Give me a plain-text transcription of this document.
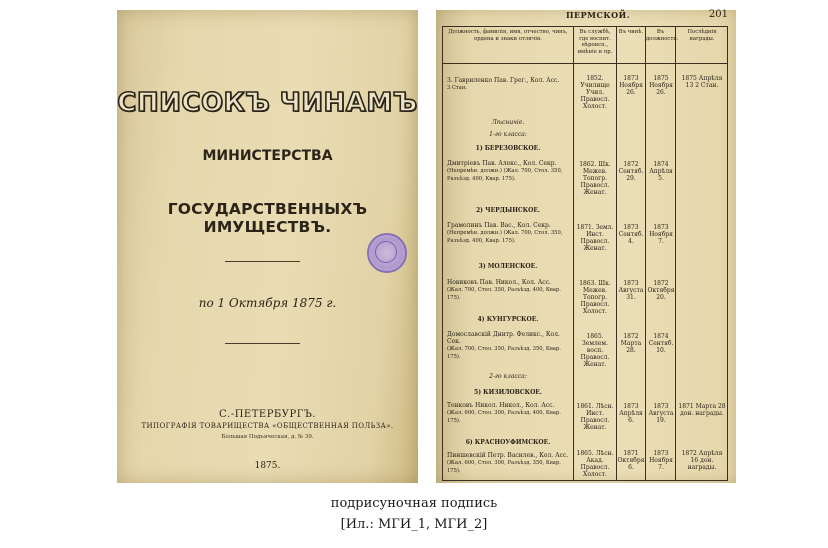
СПИСОКЪ ЧИНАМЪ
МИНИСТЕРСТВА
ГОСУДАРСТВЕННЫХЪ ИМУЩЕСТВЪ.
по 1 Октября 1875 г.
С.-ПЕТЕРБУРГЪ.
ТИПОГРАФІЯ ТОВАРИЩЕСТВА «ОБЩЕСТВЕННАЯ ПОЛЬЗА».
Большая Подъяческая, д. № 39.
1875.
ПЕРМСКОЙ.	201
Должность, фамилія, имя, отчество, чинъ, ордена и знаки отличія.
Въ службѣ, где воспит. вѣроисп., имѣніе и пр.
Въ чинѣ.	Въ должности.
Послѣднія награды.
3. Гавриленко Пав. Грег., Кол. Асс.
3 Стан.
1852. Училище Учил. Правосл. Холост.
1873 Ноября 26.
1875 Ноября 26.
1875 Апрѣля 13 2 Стан.
Лѣсничіе.
1-го класса:
1) БЕРЕЗОВСКОЕ.
Дмитріевъ Пав. Алекс., Кол. Секр.
(Непремѣн. должн.) (Жал. 700, Стол. 350, Разъѣзд. 400, Квар. 175).
1862. Шк. Межев. Топогр. Правосл. Женат.
1872 Сентяб. 29.
1874 Апрѣля 5.
2) ЧЕРДЫНСКОЕ.
Грамолинъ Пав. Вас., Кол. Секр.
(Непремѣн. должн.) (Жал. 700, Стол. 350, Разъѣзд. 400, Квар. 175).
1871. Земл. Инст. Правосл. Женат.
1873 Сентяб. 4.
1873 Ноября 7.
3) МОЛЕНСКОЕ.
Новиковъ Пав. Никол., Кол. Асс.
(Жал. 700, Стол. 350, Разъѣзд. 400, Квар. 175).
1863. Шк. Межев. Топогр. Правосл. Холост.
1873 Августа 31.
1872 Октября 20.
4) КУНГУРСКОЕ.
Домославскій Днитр. Феликс., Кол. Сек.
(Жал. 700, Стол. 350, Разъѣзд. 350, Квар. 175).
1865. Землем. восп. Правосл. Женат.
1872 Марта 28.
1874 Сентяб. 10.
2-го класса:
5) КИЗИЛОВСКОЕ.
Тенковъ Никол. Никол., Кол. Асс.
(Жал. 600, Стол. 300, Разъѣзд. 400, Квар. 175).
1861. Лѣсн. Инст. Правосл. Женат.
1873 Апрѣля 6.
1873 Августа 19.
1871 Марта 28 дон. награды.
6) КРАСНОУФИМСКОЕ.
Пиншевскій Петр. Василев., Кол. Асс.
(Жал. 600, Стол. 300, Разъѣзд. 350, Квар. 175).
1865. Лѣсн. Акад. Правосл. Холост.
1871 Октября 6.
1873 Ноября 7.
1872 Апрѣля 16 дон. награды.
подрисуночная подпись
[Ил.: МГИ_1, МГИ_2]
